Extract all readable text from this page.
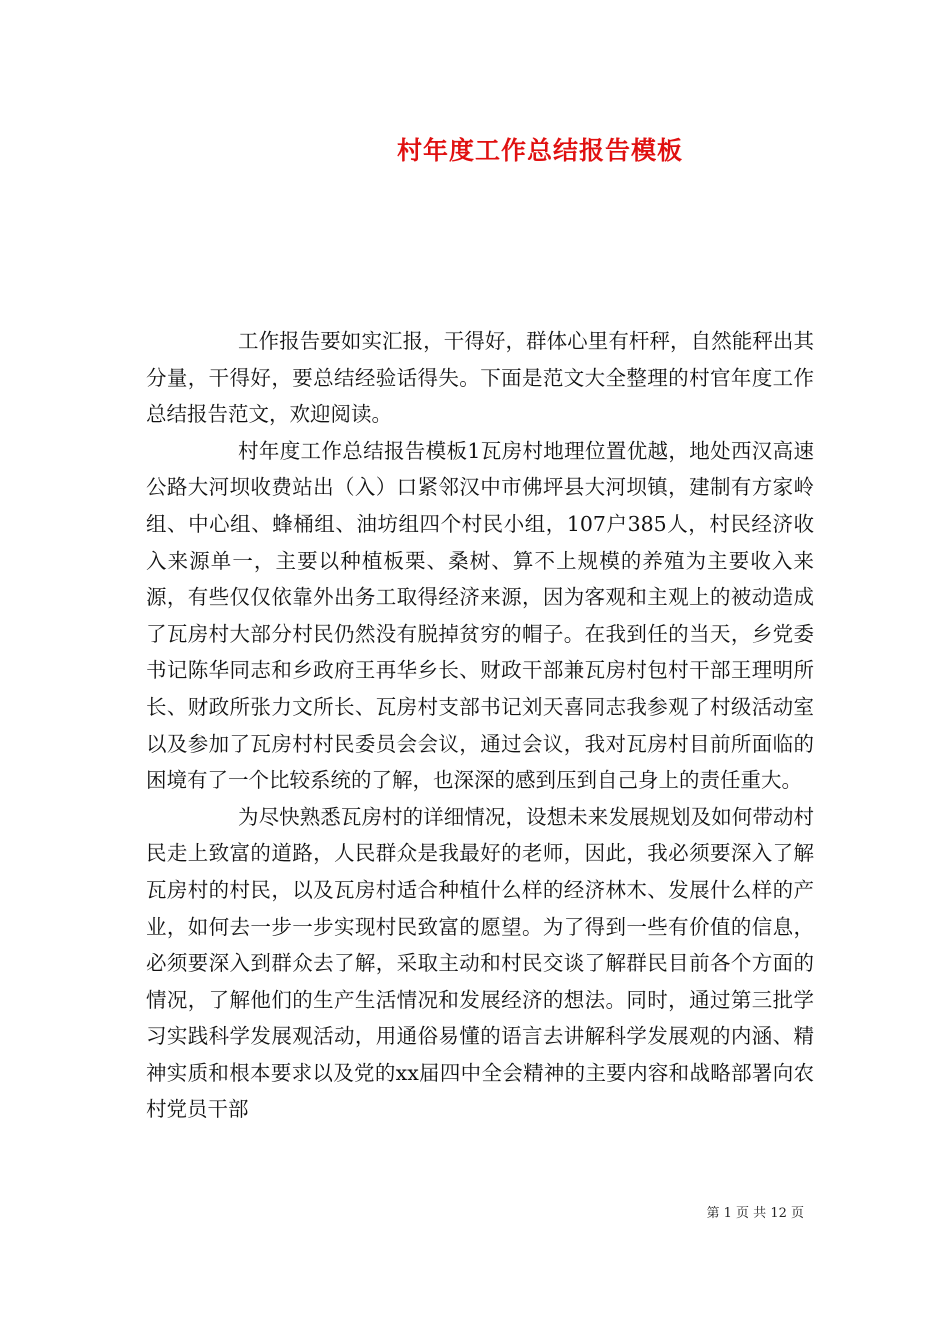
村年度工作总结报告模板

工作报告要如实汇报，干得好，群体心里有杆秤，自然能秤出其分量，干得好，要总结经验话得失。下面是范文大全整理的村官年度工作总结报告范文，欢迎阅读。

村年度工作总结报告模板1瓦房村地理位置优越，地处西汉高速公路大河坝收费站出（入）口紧邻汉中市佛坪县大河坝镇，建制有方家岭组、中心组、蜂桶组、油坊组四个村民小组，107户385人，村民经济收入来源单一，主要以种植板栗、桑树、算不上规模的养殖为主要收入来源，有些仅仅依靠外出务工取得经济来源，因为客观和主观上的被动造成了瓦房村大部分村民仍然没有脱掉贫穷的帽子。在我到任的当天，乡党委书记陈华同志和乡政府王再华乡长、财政干部兼瓦房村包村干部王理明所长、财政所张力文所长、瓦房村支部书记刘天喜同志我参观了村级活动室以及参加了瓦房村村民委员会会议，通过会议，我对瓦房村目前所面临的困境有了一个比较系统的了解，也深深的感到压到自己身上的责任重大。

为尽快熟悉瓦房村的详细情况，设想未来发展规划及如何带动村民走上致富的道路，人民群众是我最好的老师，因此，我必须要深入了解瓦房村的村民，以及瓦房村适合种植什么样的经济林木、发展什么样的产业，如何去一步一步实现村民致富的愿望。为了得到一些有价值的信息，必须要深入到群众去了解，采取主动和村民交谈了解群民目前各个方面的情况，了解他们的生产生活情况和发展经济的想法。同时，通过第三批学习实践科学发展观活动，用通俗易懂的语言去讲解科学发展观的内涵、精神实质和根本要求以及党的xx届四中全会精神的主要内容和战略部署向农村党员干部

第 1 页 共 12 页
